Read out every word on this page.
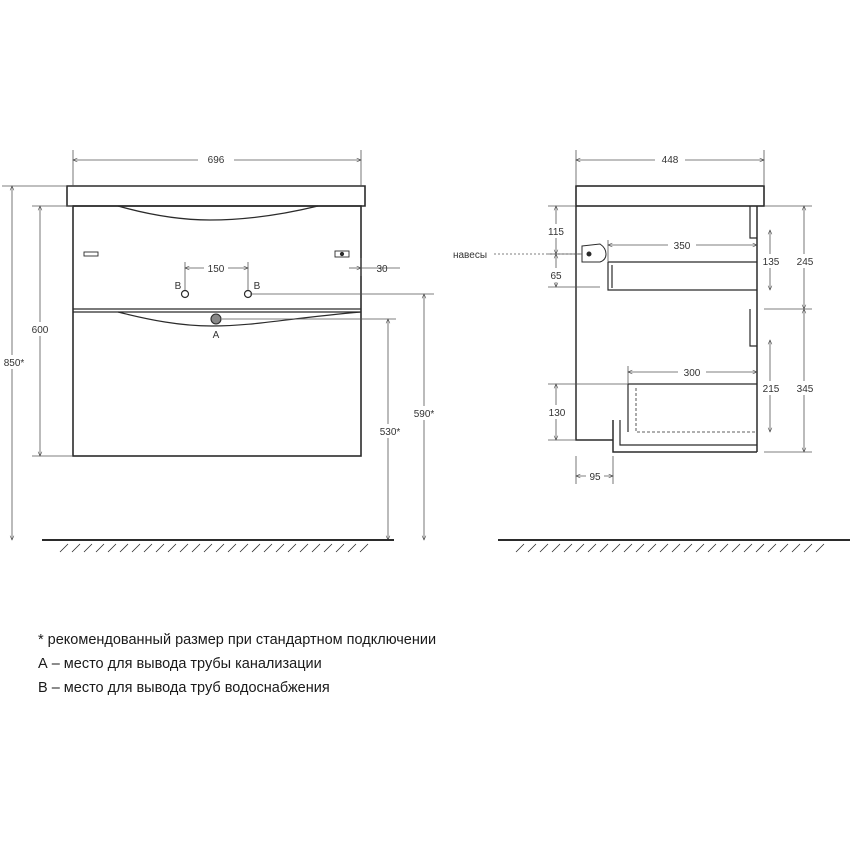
696
850*
600
150	30
B	B
A
590*
530*
448
115
навесы
65
350
135 245
300
215 345
130
95
* рекомендованный размер при стандартном подключении
А – место для вывода трубы канализации
В – место для вывода труб водоснабжения
